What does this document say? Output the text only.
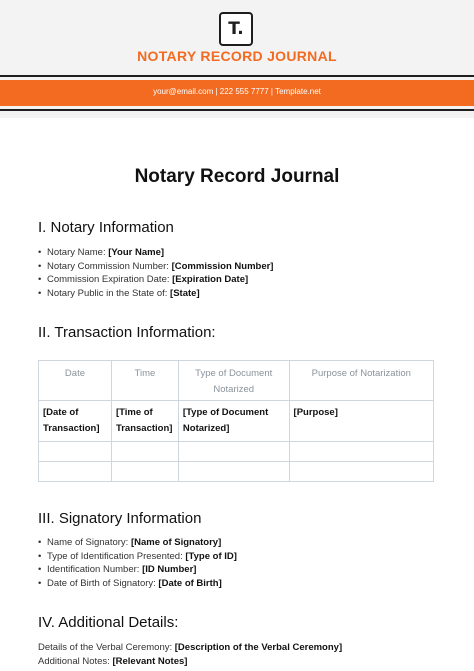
T.
NOTARY RECORD JOURNAL
your@email.com | 222 555 7777 | Template.net
Notary Record Journal
I. Notary Information
• Notary Name: [Your Name]
• Notary Commission Number: [Commission Number]
• Commission Expiration Date: [Expiration Date]
• Notary Public in the State of: [State]
II. Transaction Information:
Date	Time	Type of Document Notarized	Purpose of Notarization
[Date of Transaction]	[Time of Transaction]	[Type of Document Notarized]	[Purpose]

III. Signatory Information
• Name of Signatory: [Name of Signatory]
• Type of Identification Presented: [Type of ID]
• Identification Number: [ID Number]
• Date of Birth of Signatory: [Date of Birth]
IV. Additional Details:
Details of the Verbal Ceremony: [Description of the Verbal Ceremony]
Additional Notes: [Relevant Notes]
